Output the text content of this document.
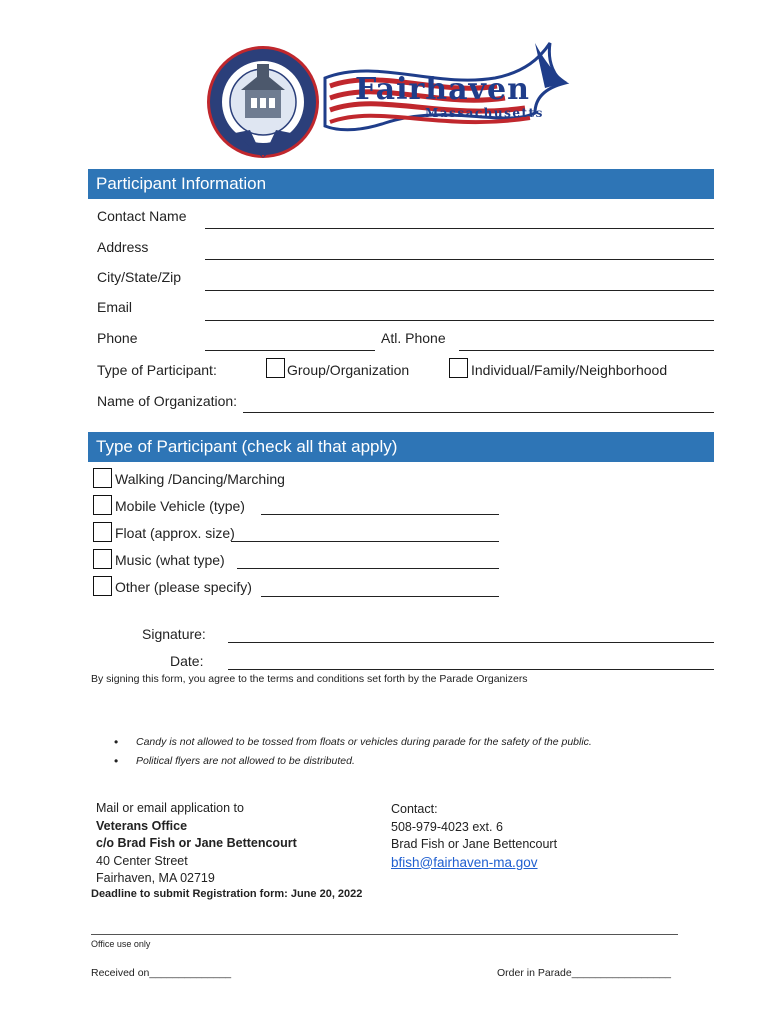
Fairhaven
Massachusetts
Participant Information
Contact Name
Address
City/State/Zip
Email
Phone	Atl. Phone
Type of Participant:	Group/Organization	Individual/Family/Neighborhood
Name of Organization:
Type of Participant (check all that apply)
Walking /Dancing/Marching
Mobile Vehicle (type)
Float (approx. size)
Music (what type)
Other (please specify)
Signature:
Date:
By signing this form, you agree to the terms and conditions set forth by the Parade Organizers
• Candy is not allowed to be tossed from floats or vehicles during parade for the safety of the public.
• Political flyers are not allowed to be distributed.
Mail or email application to
Veterans Office
c/o Brad Fish or Jane Bettencourt
40 Center Street
Fairhaven, MA 02719
Deadline to submit Registration form: June 20, 2022
Contact:
508-979-4023 ext. 6
Brad Fish or Jane Bettencourt
bfish@fairhaven-ma.gov
Office use only
Received on______________	Order in Parade_________________
